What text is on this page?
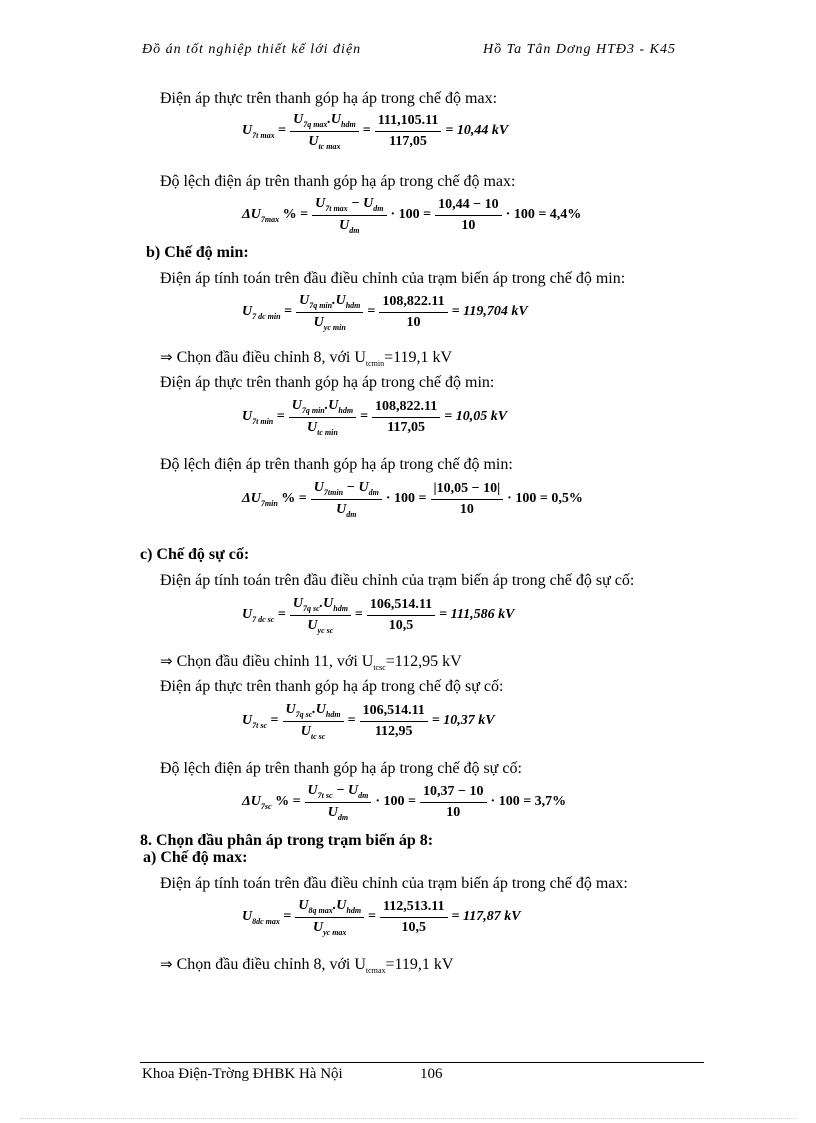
Đồ án tốt nghiệp thiết kế lới điện	Hồ Ta Tân Dơng HTĐ3 - K45
Điện áp thực trên thanh góp hạ áp trong chế độ max:
$U_{7t max} = \frac{U_{7q max}.U_{hdm}}{U_{tc max}} = \frac{111,105.11}{117,05} = 10,44$ kV
Độ lệch điện áp trên thanh góp hạ áp trong chế độ max:
$\Delta U_{7max}$ % = $\frac{U_{7t max} - U_{dm}}{U_{dm}} \cdot 100 = \frac{10,44 - 10}{10} \cdot 100 = 4,4\%$
b) Chế độ min:
Điện áp tính toán trên đầu điều chỉnh của trạm biến áp trong chế độ min:
$U_{7 dc min} = \frac{U_{7q min}.U_{hdm}}{U_{yc min}} = \frac{108,822.11}{10} = 119,704$ kV
⇒ Chọn đầu điều chỉnh 8, với $U_{tcmin}=119,1$ kV
Điện áp thực trên thanh góp hạ áp trong chế độ min:
$U_{7t min} = \frac{U_{7q min}.U_{hdm}}{U_{tc min}} = \frac{108,822.11}{117,05} = 10,05$ kV
Độ lệch điện áp trên thanh góp hạ áp trong chế độ min:
$\Delta U_{7min}$ % = $\frac{U_{7tmin} - U_{dm}}{U_{dm}} \cdot 100 = \frac{|10,05 - 10|}{10} \cdot 100 = 0,5\%$
c) Chế độ sự cố:
Điện áp tính toán trên đầu điều chỉnh của trạm biến áp trong chế độ sự cố:
$U_{7 dc sc} = \frac{U_{7q sc}.U_{hdm}}{U_{yc sc}} = \frac{106,514.11}{10,5} = 111,586$ kV
⇒ Chọn đầu điều chỉnh 11, với $U_{tcsc}=112,95$ kV
Điện áp thực trên thanh góp hạ áp trong chế độ sự cố:
$U_{7t sc} = \frac{U_{7q sc}.U_{hdm}}{U_{tc sc}} = \frac{106,514.11}{112,95} = 10,37$ kV
Độ lệch điện áp trên thanh góp hạ áp trong chế độ sự cố:
$\Delta U_{7sc}$ % = $\frac{U_{7t sc} - U_{dm}}{U_{dm}} \cdot 100 = \frac{10,37 - 10}{10} \cdot 100 = 3,7\%$
8. Chọn đầu phân áp trong trạm biến áp 8:
a) Chế độ max:
Điện áp tính toán trên đầu điều chỉnh của trạm biến áp trong chế độ max:
$U_{8dc max} = \frac{U_{8q max}.U_{hdm}}{U_{yc max}} = \frac{112,513.11}{10,5} = 117,87$ kV
⇒ Chọn đầu điều chỉnh 8, với $U_{tcmax}=119,1$ kV
Khoa Điện-Trờng ĐHBK Hà Nội	106
